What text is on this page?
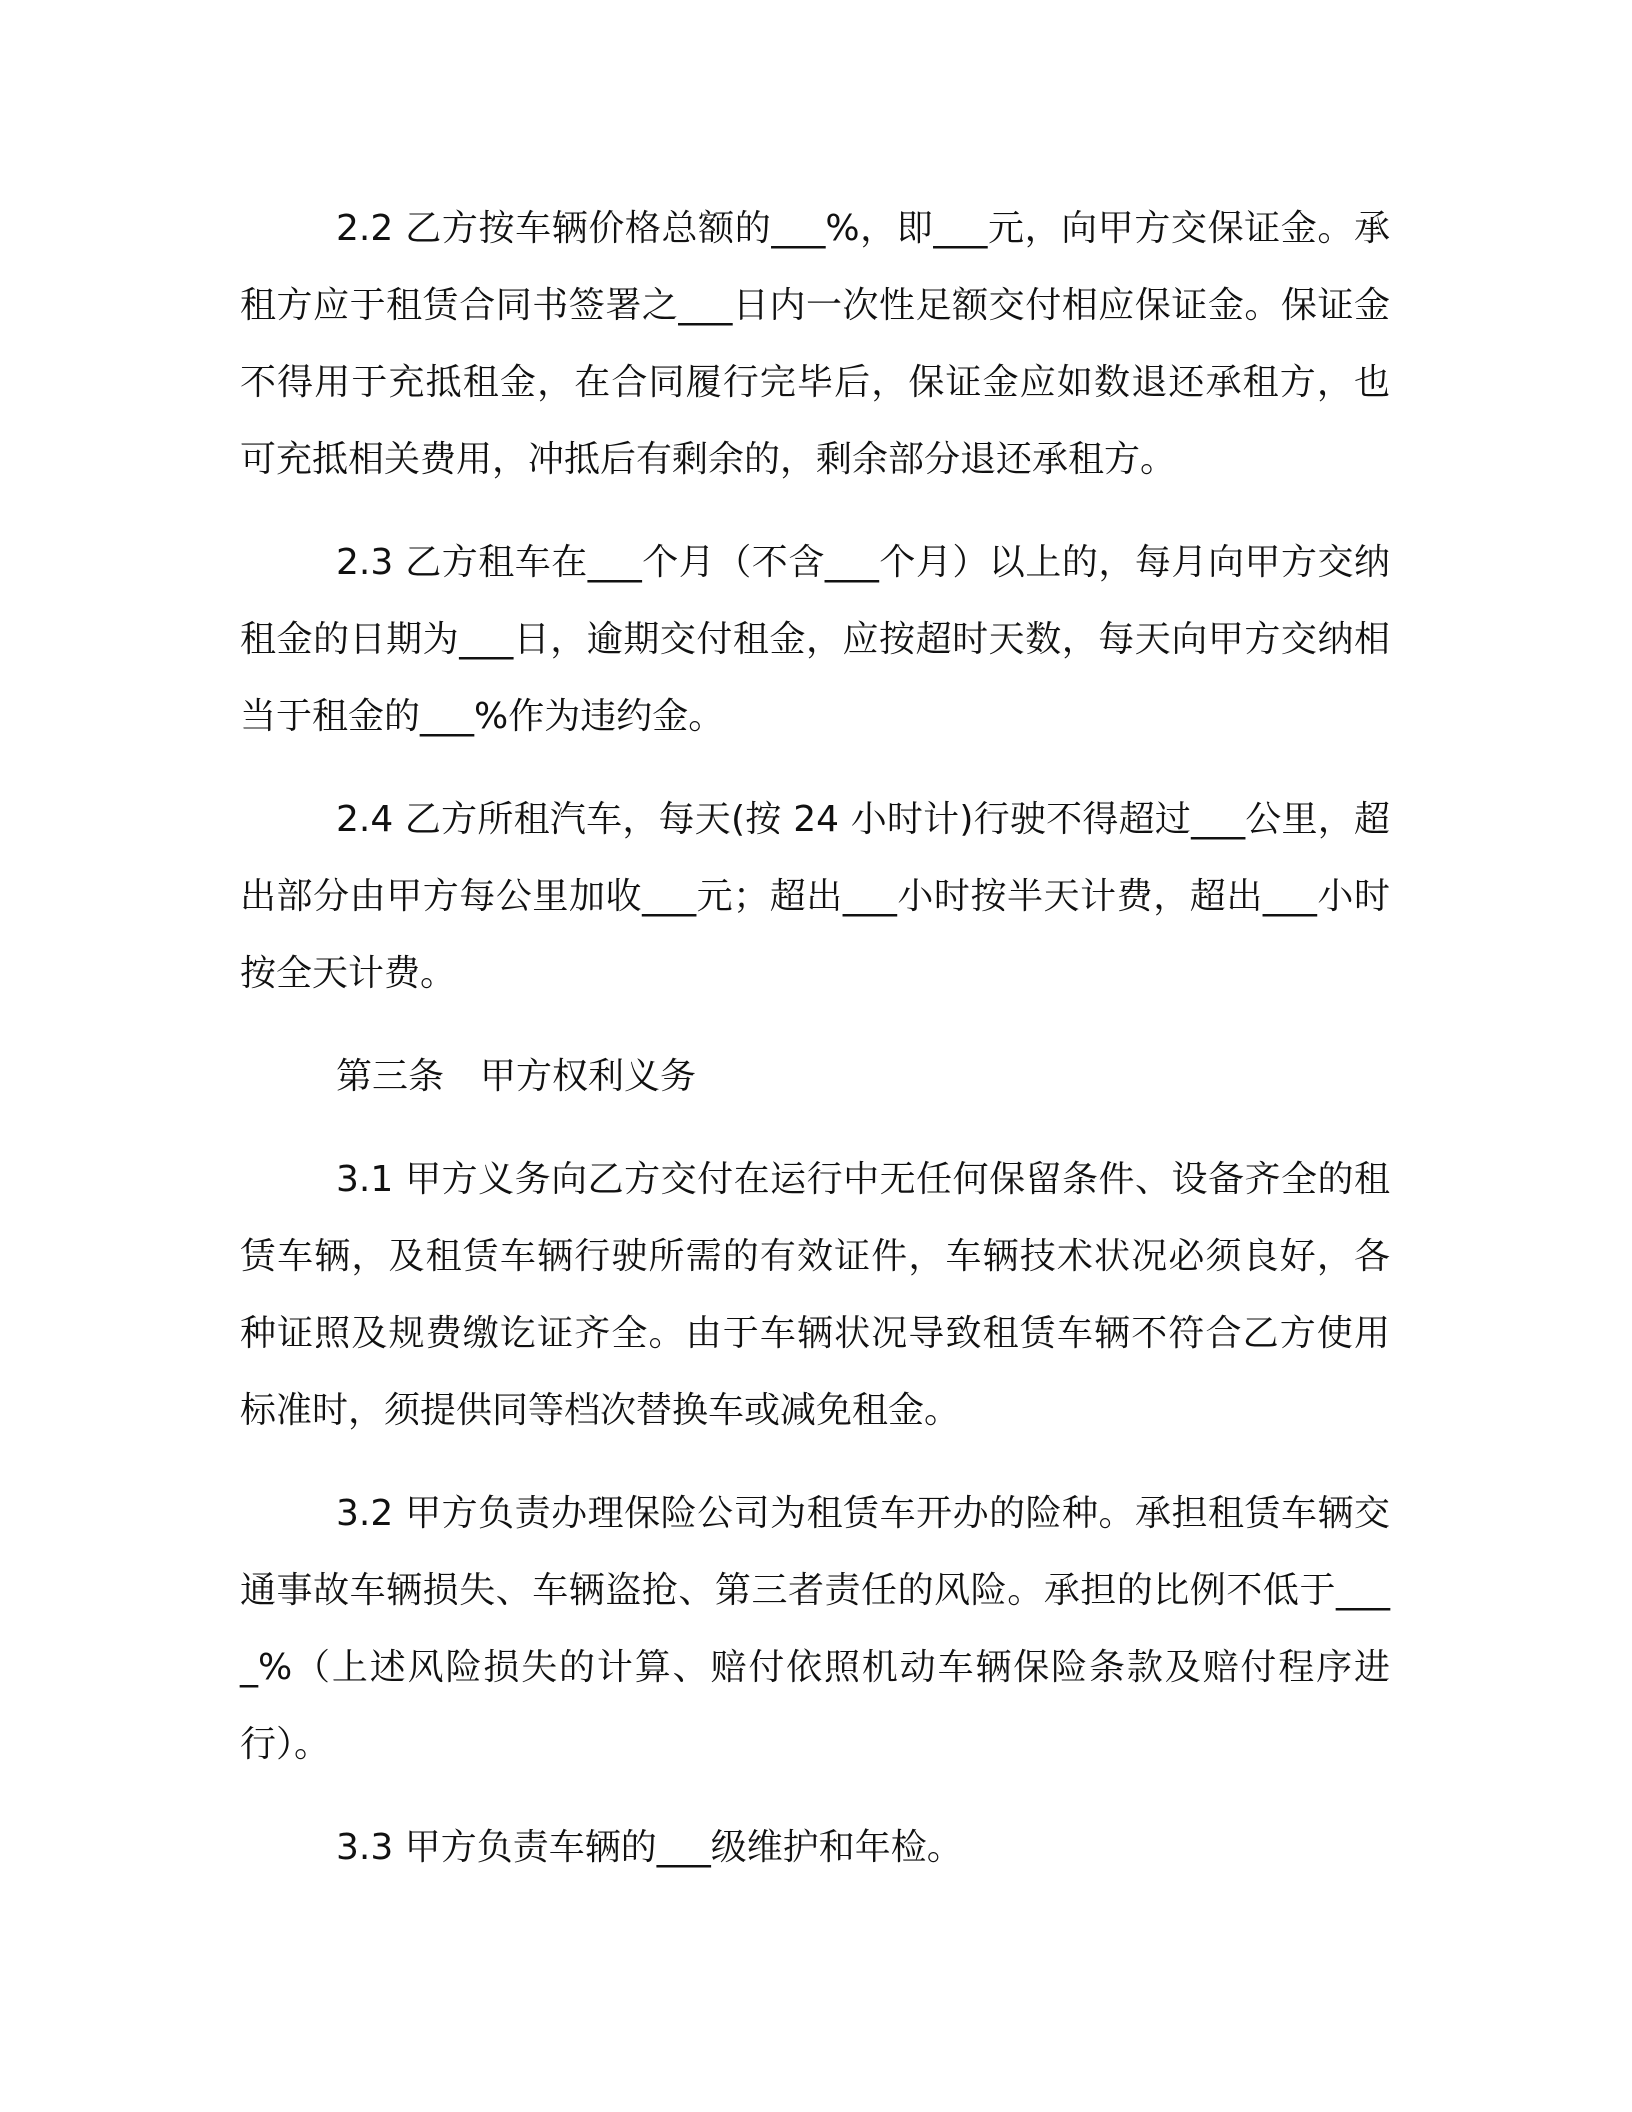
2.2 乙方按车辆价格总额的___%，即___元，向甲方交保证金。承租方应于租赁合同书签署之___日内一次性足额交付相应保证金。保证金不得用于充抵租金，在合同履行完毕后，保证金应如数退还承租方，也可充抵相关费用，冲抵后有剩余的，剩余部分退还承租方。

2.3 乙方租车在___个月（不含___个月）以上的，每月向甲方交纳租金的日期为___日，逾期交付租金，应按超时天数，每天向甲方交纳相当于租金的___%作为违约金。

2.4 乙方所租汽车，每天(按 24 小时计)行驶不得超过___公里，超出部分由甲方每公里加收___元；超出___小时按半天计费，超出___小时按全天计费。

第三条　甲方权利义务

3.1 甲方义务向乙方交付在运行中无任何保留条件、设备齐全的租赁车辆，及租赁车辆行驶所需的有效证件，车辆技术状况必须良好，各种证照及规费缴讫证齐全。由于车辆状况导致租赁车辆不符合乙方使用标准时，须提供同等档次替换车或减免租金。

3.2 甲方负责办理保险公司为租赁车开办的险种。承担租赁车辆交通事故车辆损失、车辆盗抢、第三者责任的风险。承担的比例不低于____%（上述风险损失的计算、赔付依照机动车辆保险条款及赔付程序进行）。

3.3 甲方负责车辆的___级维护和年检。
